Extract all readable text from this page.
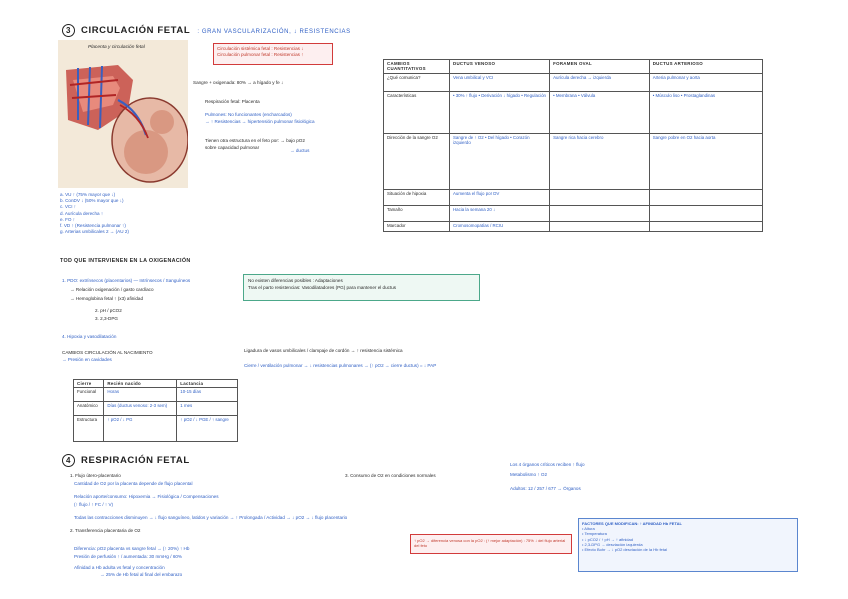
3 CIRCULACIÓN FETAL : GRAN VASCULARIZACIÓN, ↓ RESISTENCIAS
Placenta y circulación fetal	Circulación sistémica fetal : Resistencias ↓
Circulación pulmonar fetal : Resistencias ↑
Sangre + oxigenada: 80% → a hígado y fe ↓
Respiración fetal: Placenta
Pulmones: No funcionantes (encharcados)
→ ↑ Resistencias → hipertensión pulmonar fisiológica
Tienen otra estructura en el feto por: → bajo pO2
sobre capacidad pulmonar
→ ductus
a. VU ↑ (75% mayor que ↓)
b. ConDV ↓ (50% mayor que ↓)
c. VCI ↑
d. Aurícula derecha ↑
e. FO ↑
f. VD ↑ (Resistencia pulmonar ↑)
g. Arterias umbilicales 2 → (AU 2)
CAMBIOS CUANTITATIVOS	DUCTUS VENOSO	FORAMEN OVAL	DUCTUS ARTERIOSO
¿Qué comunica?	Vena umbilical y VCI	Aurícula derecha → izquierda	Arteria pulmonar y aorta
Características	• 30% ↑ flujo • Derivación ↓ hígado • Regulación	• Membrana • Válvula	• Músculo liso • Prostaglandinas
Dirección de la sangre O2	Sangre de ↑ O2 • Del hígado • Corazón izquierdo	Sangre rica hacia cerebro	Sangre pobre en O2 hacia aorta
Situación de hipoxia	Aumenta el flujo por DV		
Tamaño	Hacia la semana 20 ↓		
Marcador	Cromosomopatías / RCIU		
TOD QUE INTERVIENEN EN LA OXIGENACIÓN
1. PDO: extrínsecos (placentarios) — Intrínsecos / Sanguíneos
→ Relación oxigenación / gasto cardíaco
→ Hemoglobina fetal ↑ (x3) afinidad
2. pH / pCO2
3. 2,3-DPG
4. Hipoxia y vasodilatación
No existen diferencias posibles : Adaptaciones
Tras el parto resistencias: Vasodilatadores (PG) para mantener el ductus
CAMBIOS CIRCULACIÓN AL NACIMIENTO
→ Presión en cavidades
Ligadura de vasos umbilicales / clampaje de cordón → ↑ resistencia sistémica
Cierre / ventilación pulmonar → ↓ resistencias pulmonares → (↑ pO2 → cierre ductus) = ↓ PAP
Cierre	Recién nacido	Lactancia
Funcional	Horas	10-15 días
Anatómico	Días (ductus venoso: 2-3 sem)	1 mes
Estructura	↑ pO2 / ↓ PG	↑ pO2 / ↓ PGE / ↑ sangre
4 RESPIRACIÓN FETAL
1. Flujo útero-placentario
Cantidad de O2 por la placenta depende de flujo placental
Relación aporte/consumo: Hipoxemia → Fisiológica / Compensaciones
(↑ flujo / ↑ FC / ↑ V)
Todas las contracciones disminuyen → ↓ flujo sanguíneo, latidos y variación → ↑ Prolongada / Actividad → ↓ pO2 → ↓ flujo placentario
2. Transferencia placentaria de O2
Diferencia: pO2 placenta vs sangre fetal → (↑ 20%) ↑ Hb
Presión de perfusión ↑ / aumentada: 30 mmHg / 60%
Afinidad a Hb adulta vs fetal y concentración
→ 25% de Hb fetal al final del embarazo
3. Consumo de O2 en condiciones normales
Los 4 órganos críticos reciben ↑ flujo
Metabolismo ↑ O2
Adultos: 12 / 257 / 677 → Órganos
↑ pO2 → diferencia venosa con la pO2 : (↑ mejor adaptación) : 75% ↓ del flujo arterial del feto
FACTORES QUE MODIFICAN: ↑ AFINIDAD Hb FETAL
• Altura
• Temperatura
• ↓ pCO2 / ↑ pH → ↑ afinidad
• 2,3-DPG → desviación izquierda
• Efecto Bohr → ↓ pO2 desviación de la Hb fetal
